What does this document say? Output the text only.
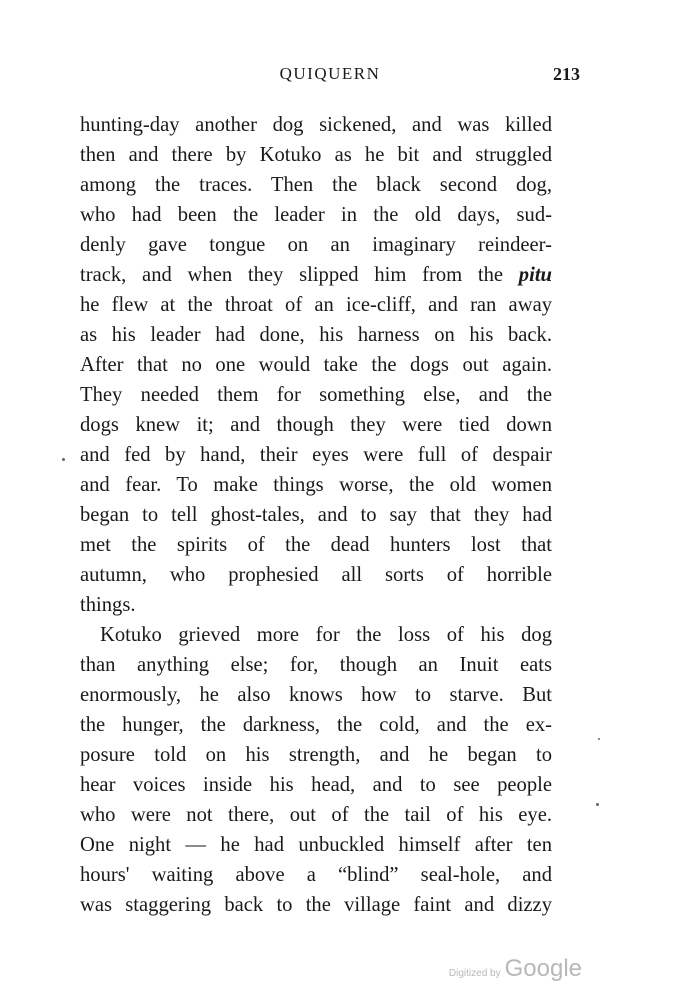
QUIQUERN	213
hunting-day another dog sickened, and was killed
then and there by Kotuko as he bit and struggled
among the traces. Then the black second dog,
who had been the leader in the old days, sud-
denly gave tongue on an imaginary reindeer-
track, and when they slipped him from the pitu
he flew at the throat of an ice-cliff, and ran away
as his leader had done, his harness on his back.
After that no one would take the dogs out again.
They needed them for something else, and the
dogs knew it; and though they were tied down
and fed by hand, their eyes were full of despair
and fear. To make things worse, the old women
began to tell ghost-tales, and to say that they had
met the spirits of the dead hunters lost that
autumn, who prophesied all sorts of horrible
things.
Kotuko grieved more for the loss of his dog
than anything else; for, though an Inuit eats
enormously, he also knows how to starve. But
the hunger, the darkness, the cold, and the ex-
posure told on his strength, and he began to
hear voices inside his head, and to see people
who were not there, out of the tail of his eye.
One night — he had unbuckled himself after ten
hours' waiting above a “blind” seal-hole, and
was staggering back to the village faint and dizzy
Digitized by Google
